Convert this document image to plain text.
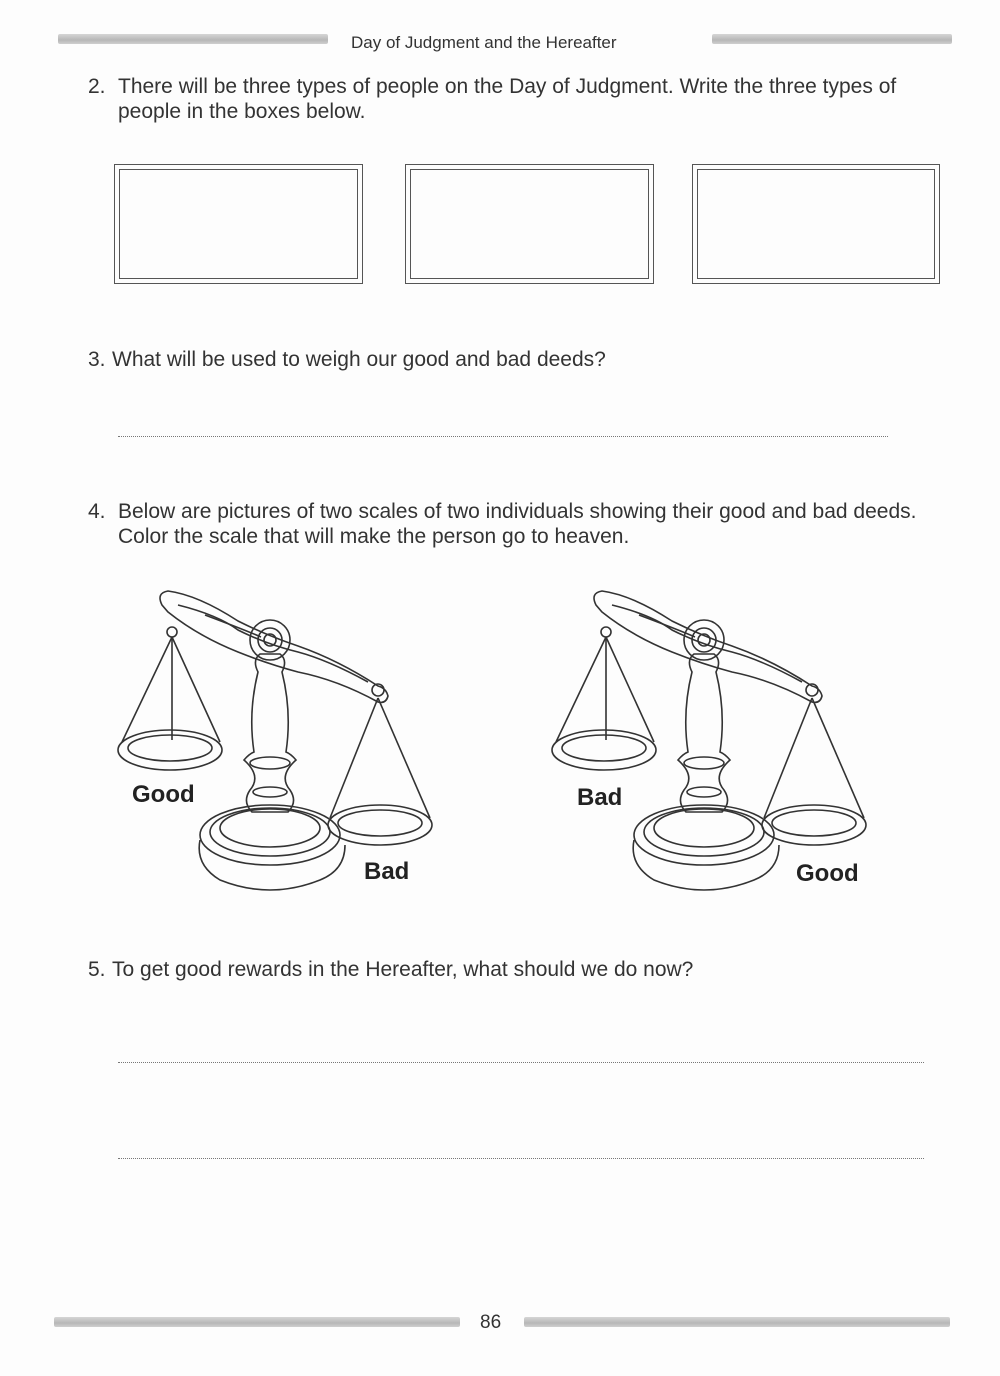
Day of Judgment and the Hereafter
2. There will be three types of people on the Day of Judgment. Write the three types of people in the boxes below.
3. What will be used to weigh our good and bad deeds?
4. Below are pictures of two scales of two individuals showing their good and bad deeds. Color the scale that will make the person go to heaven.
Good
Bad
Bad
Good
5. To get good rewards in the Hereafter, what should we do now?
86
